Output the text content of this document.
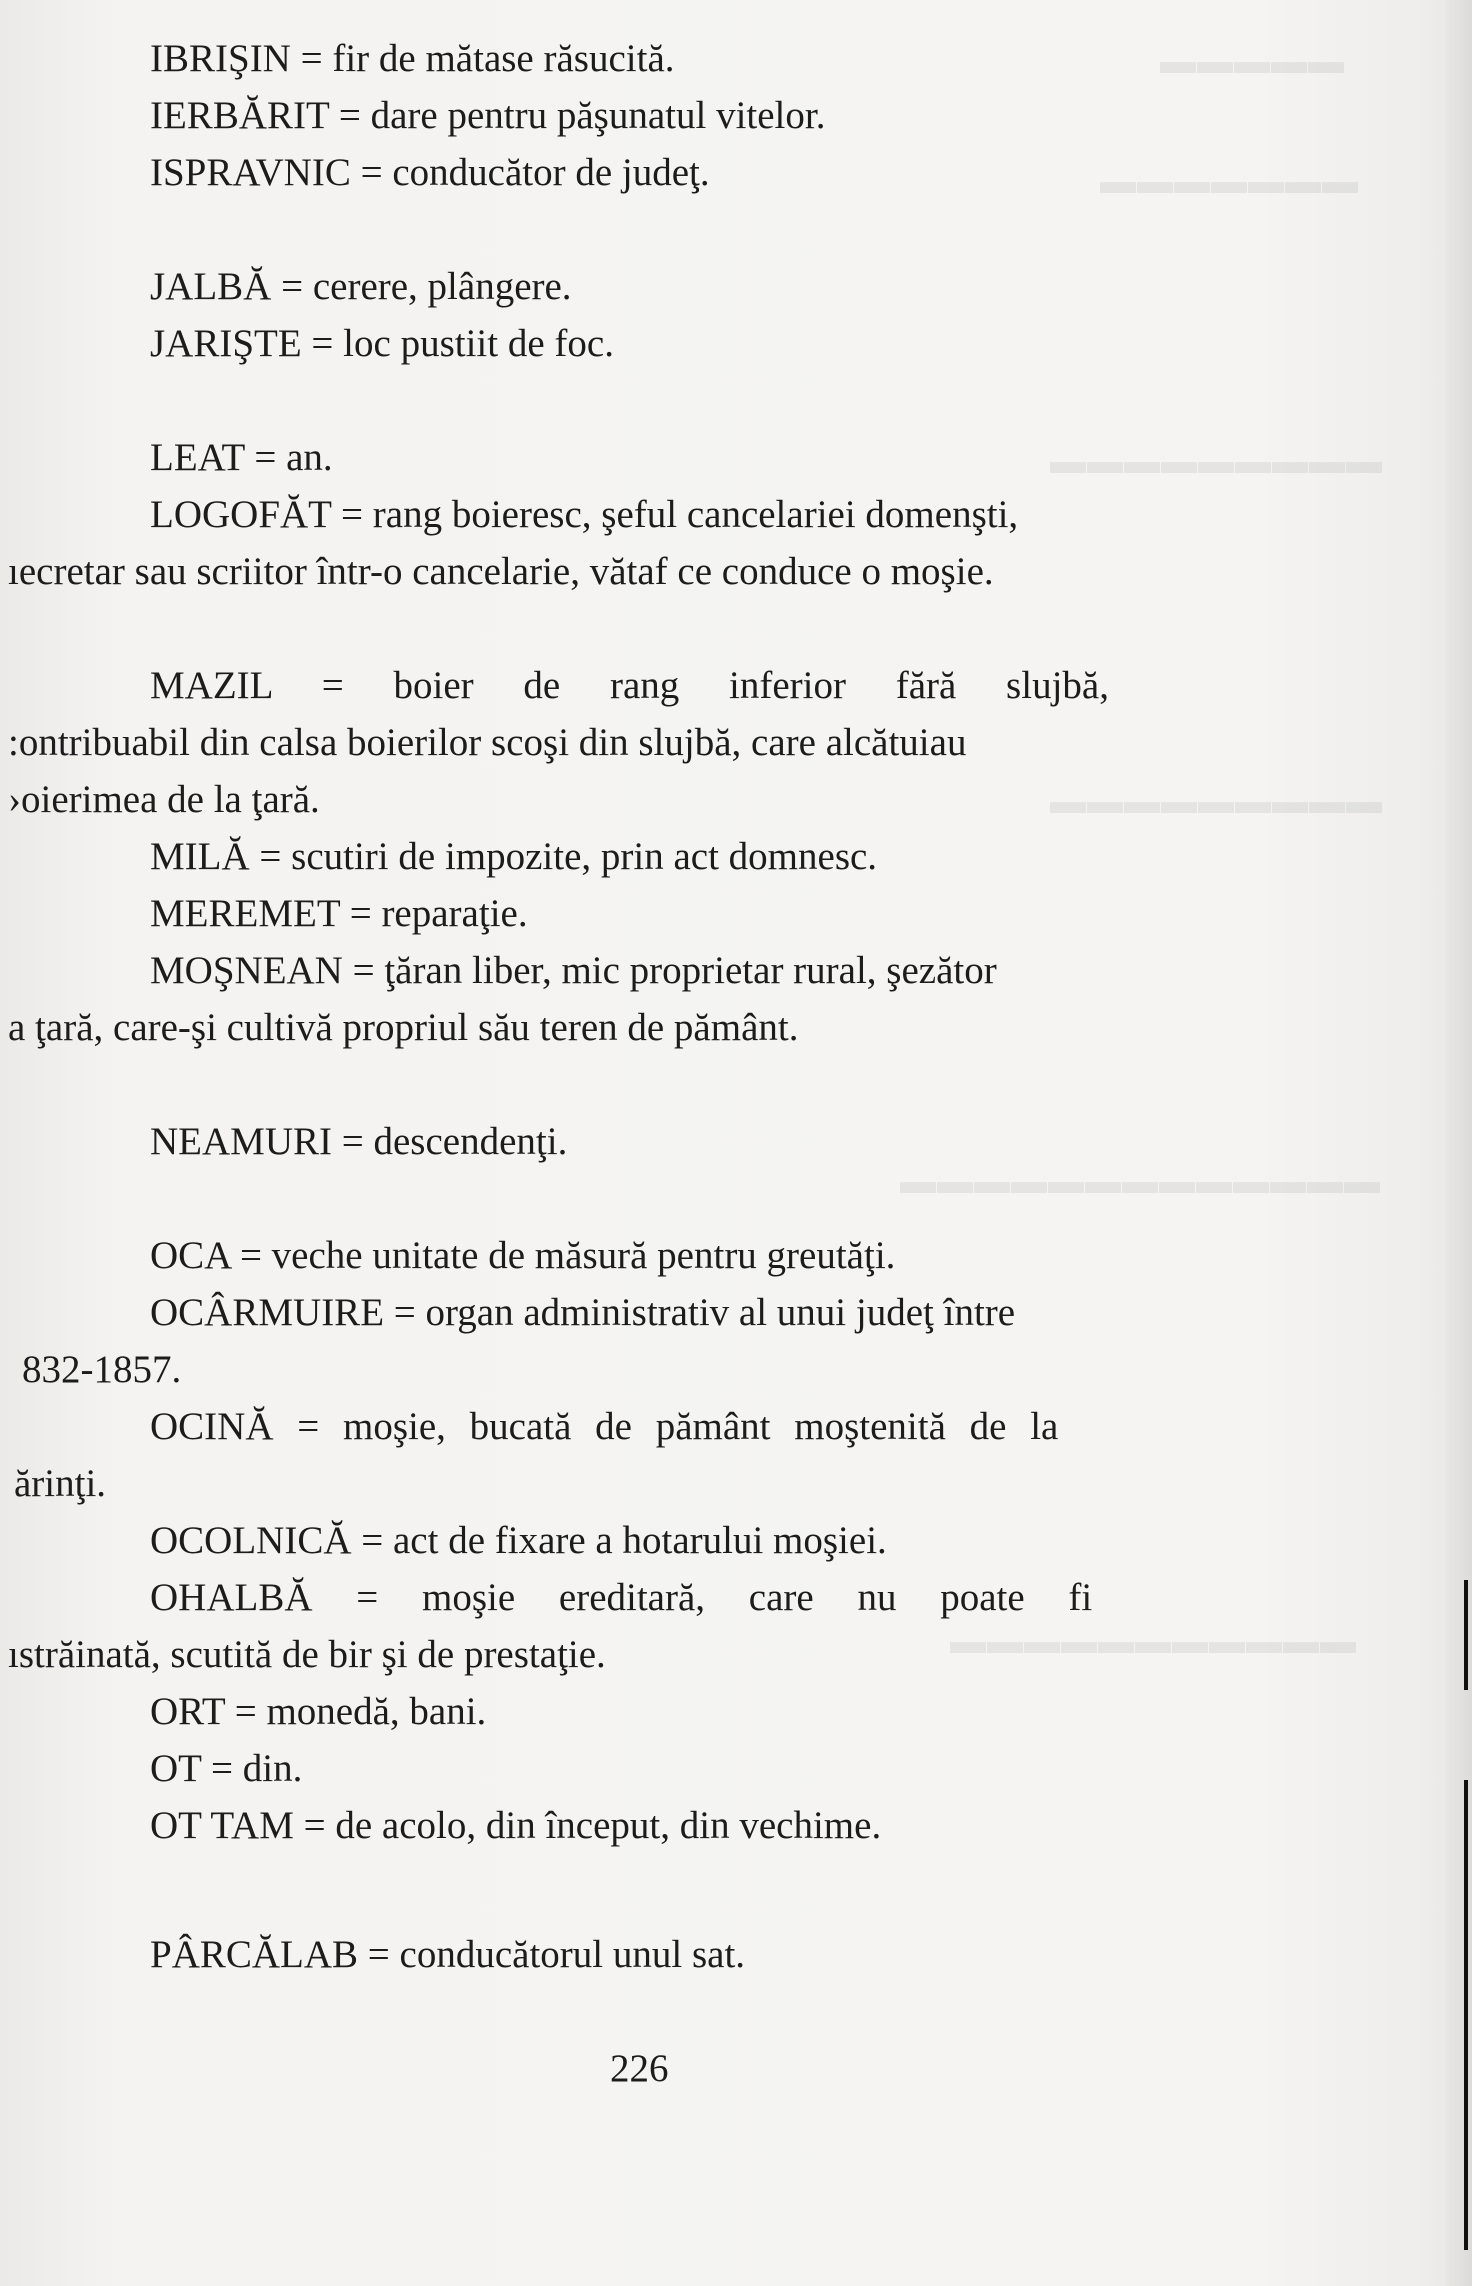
▬▬▬▬▬
▬▬▬▬▬▬▬
▬▬▬▬▬▬▬▬▬
▬▬▬▬▬▬▬▬▬
▬▬▬▬▬▬▬▬▬▬▬▬▬
▬▬▬▬▬▬▬▬▬▬▬
IBRIŞIN = fir de mătase răsucită.
IERBĂRIT = dare pentru păşunatul vitelor.
ISPRAVNIC = conducător de judeţ.
JALBĂ = cerere, plângere.
JARIŞTE = loc pustiit de foc.
LEAT = an.
LOGOFĂT = rang boieresc, şeful cancelariei domenşti,
ıecretar sau scriitor într-o cancelarie, vătaf ce conduce o moşie.
MAZIL = boier de rang inferior fără slujbă,
:ontribuabil din calsa boierilor scoşi din slujbă, care alcătuiau
›oierimea de la ţară.
MILĂ = scutiri de impozite, prin act domnesc.
MEREMET = reparaţie.
MOŞNEAN = ţăran liber, mic proprietar rural, şezător
a ţară, care-şi cultivă propriul său teren de pământ.
NEAMURI = descendenţi.
OCA = veche unitate de măsură pentru greutăţi.
OCÂRMUIRE = organ administrativ al unui judeţ între
832-1857.
OCINĂ = moşie, bucată de pământ moştenită de la
ărinţi.
OCOLNICĂ = act de fixare a hotarului moşiei.
OHALBĂ = moşie ereditară, care nu poate fi
ıstrăinată, scutită de bir şi de prestaţie.
ORT = monedă, bani.
OT = din.
OT TAM = de acolo, din început, din vechime.
PÂRCĂLAB = conducătorul unul sat.
226
